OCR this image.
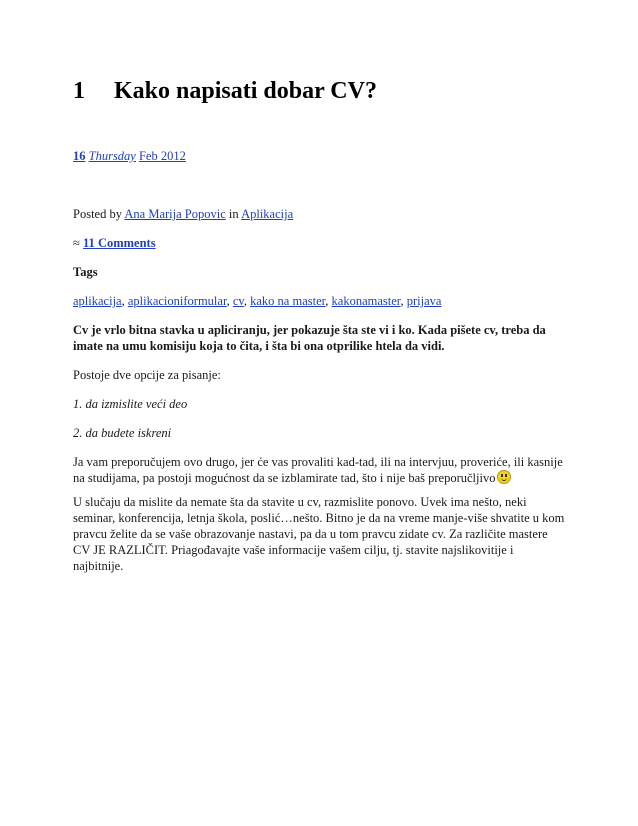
1 Kako napisati dobar CV?
16 Thursday Feb 2012
Posted by Ana Marija Popovic in Aplikacija
≈ 11 Comments
Tags
aplikacija, aplikacioniformular, cv, kako na master, kakonamaster, prijava

Cv je vrlo bitna stavka u apliciranju, jer pokazuje šta ste vi i ko. Kada pišete cv, treba da imate na umu komisiju koja to čita, i šta bi ona otprilike htela da vidi.

Postoje dve opcije za pisanje:

1. da izmislite veći deo

2. da budete iskreni

Ja vam preporučujem ovo drugo, jer će vas provaliti kad-tad, ili na intervjuu, proveriće, ili kasnije na studijama, pa postoji mogućnost da se izblamirate tad, što i nije baš preporučljivo

U slučaju da mislite da nemate šta da stavite u cv, razmislite ponovo. Uvek ima nešto, neki seminar, konferencija, letnja škola, poslić…nešto. Bitno je da na vreme manje-više shvatite u kom pravcu želite da se vaše obrazovanje nastavi, pa da u tom pravcu zidate cv. Za različite mastere CV JE RAZLIČIT. Priagođavajte vaše informacije vašem cilju, tj. stavite najslikovitije i najbitnije.
